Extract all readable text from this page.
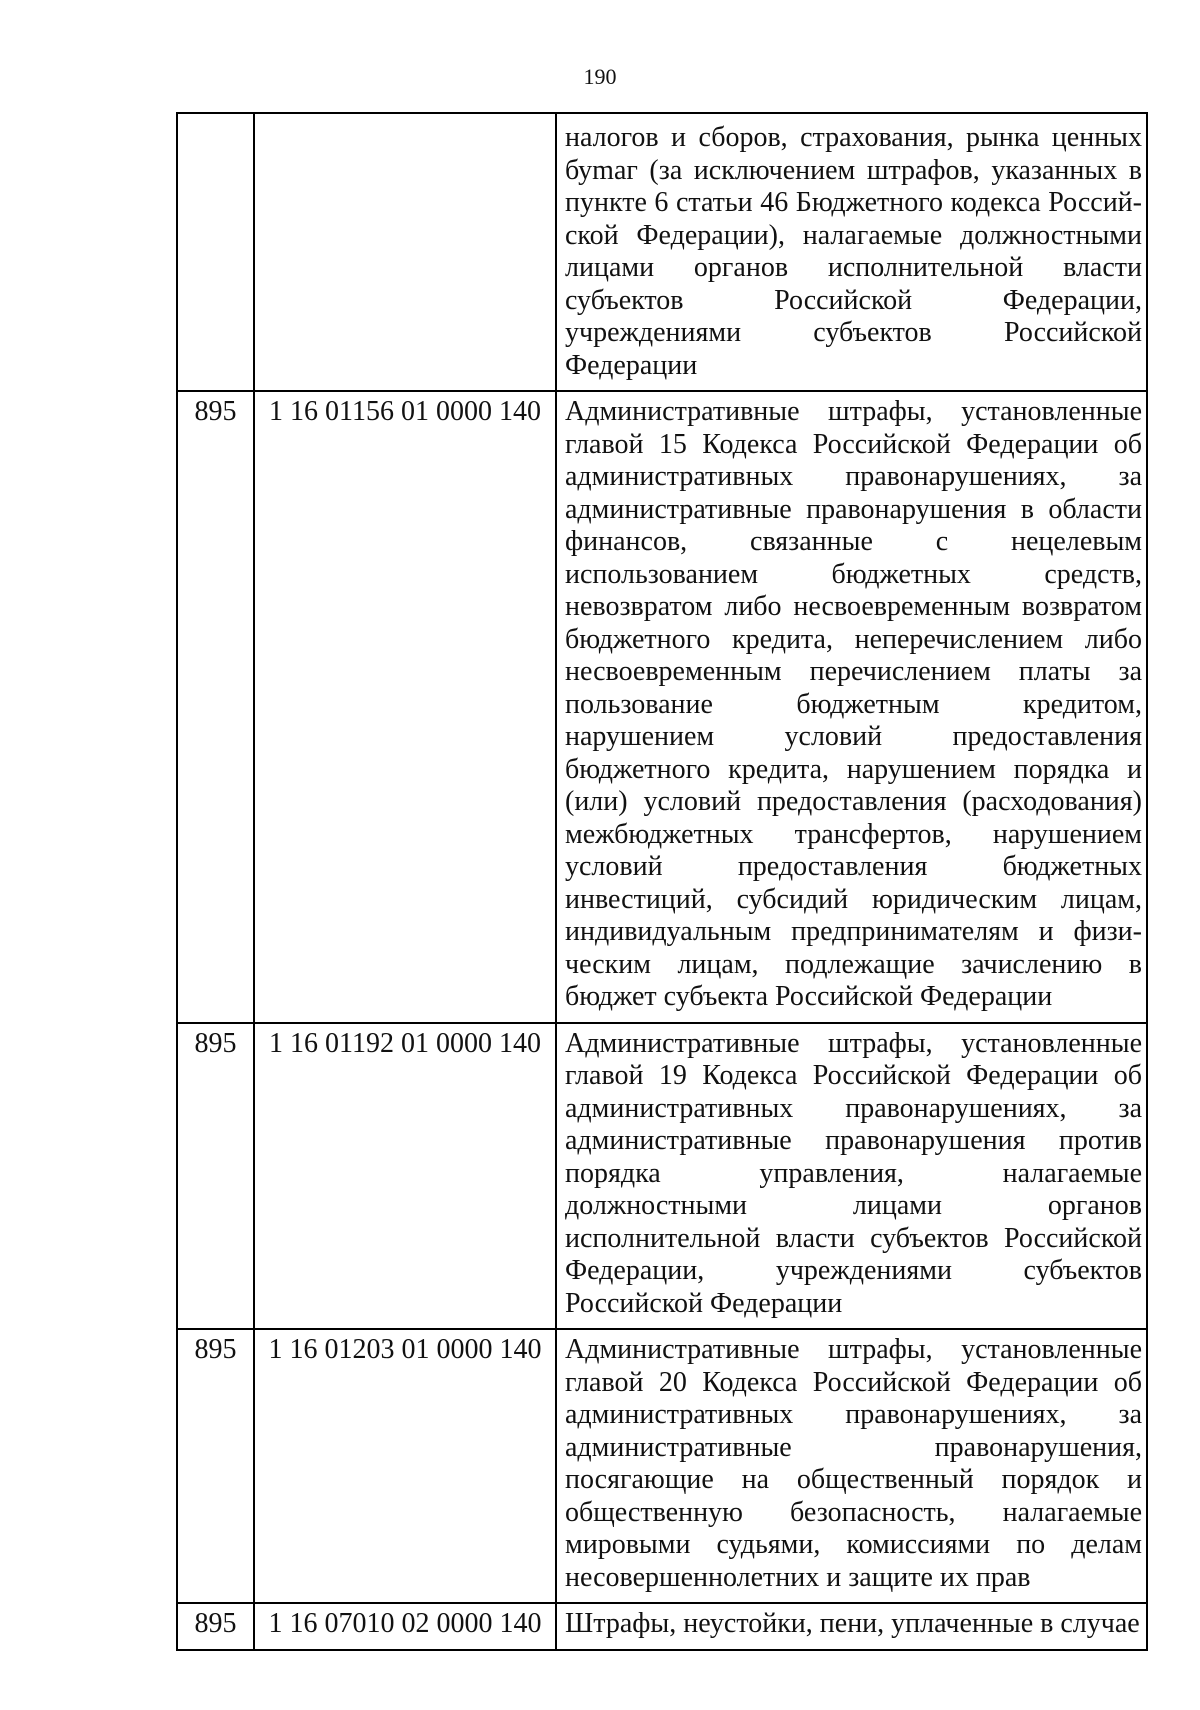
190
		налогов и сборов, страхования, рынка ценных буmаг (за исключением штрафов, указанных в пункте 6 статьи 46 Бюджетного кодекса Российской Федерации), налагаемые должностными лицами органов исполнительной власти субъектов Российской Федерации, учреждениями субъектов Российской Федерации
895	1 16 01156 01 0000 140	Административные штрафы, установленные главой 15 Кодекса Российской Федерации об административных правонарушениях, за административные правонарушения в области финансов, связанные с нецелевым использованием бюджетных средств, невозвратом либо несвоевременным возвратом бюджетного кредита, неперечислением либо несвоевременным перечислением платы за пользование бюджетным кредитом, нарушением условий предоставления бюджетного кредита, нарушением порядка и (или) условий предоставления (расходования) межбюджетных трансфертов, нарушением условий предоставления бюджетных инвестиций, субсидий юридическим лицам, индивидуальным предпринимателям и физическим лицам, подлежащие зачислению в бюджет субъекта Российской Федерации
895	1 16 01192 01 0000 140	Административные штрафы, установленные главой 19 Кодекса Российской Федерации об административных правонарушениях, за административные правонарушения против порядка управления, налагаемые должностными лицами органов исполнительной власти субъектов Российской Федерации, учреждениями субъектов Российской Федерации
895	1 16 01203 01 0000 140	Административные штрафы, установленные главой 20 Кодекса Российской Федерации об административных правонарушениях, за административные правонарушения, посягающие на общественный порядок и общественную безопасность, налагаемые мировыми судьями, комиссиями по делам несовершеннолетних и защите их прав
895	1 16 07010 02 0000 140	Штрафы, неустойки, пени, уплаченные в случае
